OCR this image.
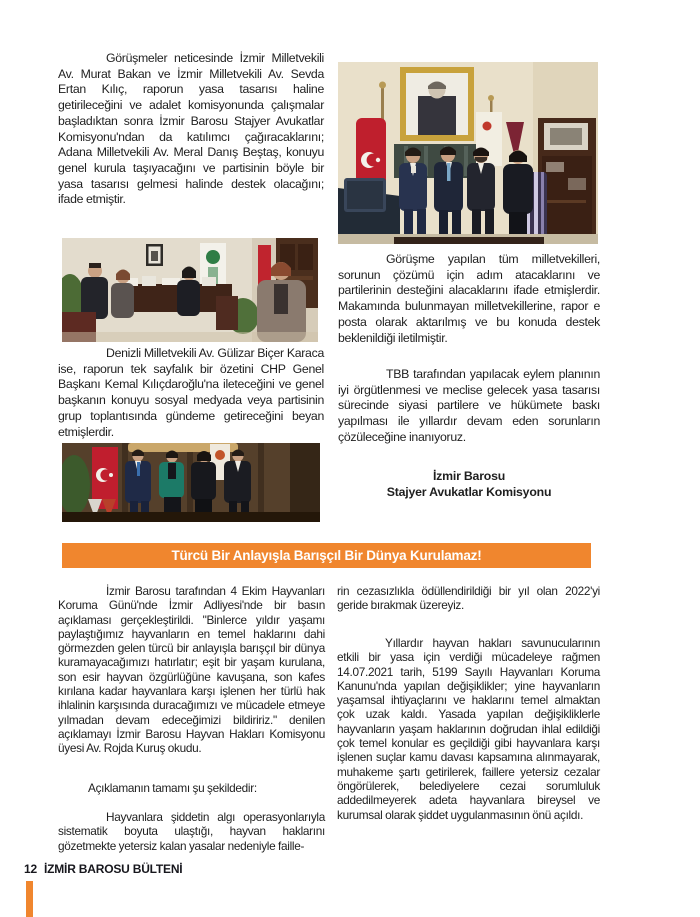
Görüşmeler neticesinde İzmir Milletvekili Av. Murat Bakan ve İzmir Milletvekili Av. Sevda Ertan Kılıç, raporun yasa tasarısı haline getirileceğini ve adalet komisyonunda çalışmalar başladıktan sonra İzmir Barosu Stajyer Avukatlar Komisyonu'ndan da katılımcı çağıracaklarını; Adana Milletvekili Av. Meral Danış Beştaş, konuyu genel kurula taşıyacağını ve partisinin böyle bir yasa tasarısı gelmesi halinde destek olacağını; ifade etmiştir.
Denizli Milletvekili Av. Gülizar Biçer Karaca ise, raporun tek sayfalık bir özetini CHP Genel Başkanı Kemal Kılıçdaroğlu'na ileteceğini ve genel başkanın konuyu sosyal medyada veya partisinin grup toplantısında gündeme getireceğini beyan etmişlerdir.
Görüşme yapılan tüm milletvekilleri, sorunun çözümü için adım atacaklarını ve partilerinin desteğini alacaklarını ifade etmişlerdir. Makamında bulunmayan milletvekillerine, rapor e posta olarak aktarılmış ve bu konuda destek beklenildiği iletilmiştir.
TBB tarafından yapılacak eylem planının iyi örgütlenmesi ve meclise gelecek yasa tasarısı sürecinde siyasi partilere ve hükümete baskı yapılması ile yıllardır devam eden sorunların çözüleceğine inanıyoruz.
İzmir Barosu
Stajyer Avukatlar Komisyonu
Türcü Bir Anlayışla Barışçıl Bir Dünya Kurulamaz!
İzmir Barosu tarafından 4 Ekim Hayvanları Koruma Günü'nde İzmir Adliyesi'nde bir basın açıklaması gerçekleştirildi. "Binlerce yıldır yaşamı paylaştığımız hayvanların en temel haklarını dahi görmezden gelen türcü bir anlayışla barışçıl bir dünya kuramayacağımızı hatırlatır; eşit bir yaşam kurulana, son esir hayvan özgürlüğüne kavuşana, son kafes kırılana kadar hayvanlara karşı işlenen her türlü hak ihlalinin karşısında duracağımızı ve mücadele etmeye yılmadan devam edeceğimizi bildiririz." denilen açıklamayı İzmir Barosu Hayvan Hakları Komisyonu üyesi Av. Rojda Kuruş okudu.
Açıklamanın tamamı şu şekildedir:
Hayvanlara şiddetin algı operasyonlarıyla sistematik boyuta ulaştığı, hayvan haklarını gözetmekte yetersiz kalan yasalar nedeniyle faille-
rin cezasızlıkla ödüllendirildiği bir yıl olan 2022'yi geride bırakmak üzereyiz.
Yıllardır hayvan hakları savunucularının etkili bir yasa için verdiği mücadeleye rağmen 14.07.2021 tarih, 5199 Sayılı Hayvanları Koruma Kanunu'nda yapılan değişiklikler; yine hayvanların yaşamsal ihtiyaçlarını ve haklarını temel almaktan çok uzak kaldı. Yasada yapılan değişikliklerle hayvanların yaşam haklarının doğrudan ihlal edildiği çok temel konular es geçildiği gibi hayvanlara karşı işlenen suçlar kamu davası kapsamına alınmayarak, muhakeme şartı getirilerek, faillere yetersiz cezalar öngörülerek, belediyelere cezai sorumluluk addedilmeyerek adeta hayvanlara bireysel ve kurumsal olarak şiddet uygulanmasının önü açıldı.
12 İZMİR BAROSU BÜLTENİ
